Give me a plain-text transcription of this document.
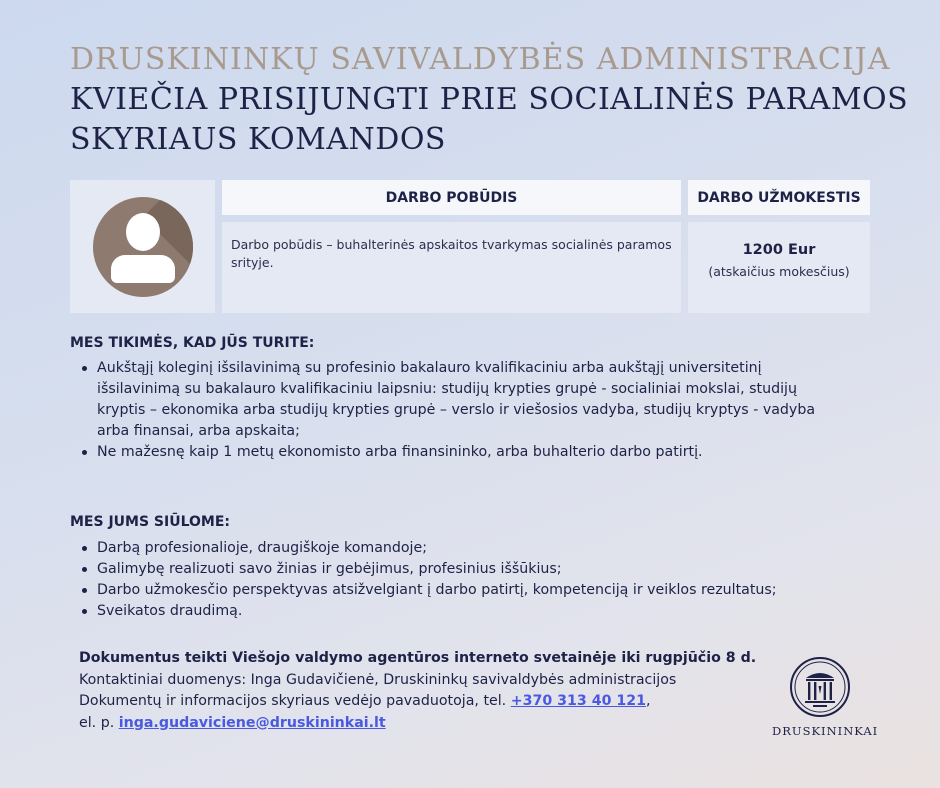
DRUSKININKŲ SAVIVALDYBĖS ADMINISTRACIJA
KVIEČIA PRISIJUNGTI PRIE SOCIALINĖS PARAMOS
SKYRIAUS KOMANDOS
DARBO POBŪDIS	DARBO UŽMOKESTIS
Darbo pobūdis – buhalterinės apskaitos tvarkymas socialinės paramos srityje.
1200 Eur
(atskaičius mokesčius)
MES TIKIMĖS, KAD JŪS TURITE:
Aukštąjį koleginį išsilavinimą su profesinio bakalauro kvalifikaciniu arba aukštąjį universitetinį išsilavinimą su bakalauro kvalifikaciniu laipsniu: studijų krypties grupė - socialiniai mokslai, studijų kryptis – ekonomika arba studijų krypties grupė – verslo ir viešosios vadyba, studijų kryptys - vadyba arba finansai, arba apskaita;
Ne mažesnę kaip 1 metų ekonomisto arba finansininko, arba buhalterio darbo patirtį.
MES JUMS SIŪLOME:
Darbą profesionalioje, draugiškoje komandoje;
Galimybę realizuoti savo žinias ir gebėjimus, profesinius iššūkius;
Darbo užmokesčio perspektyvas atsižvelgiant į darbo patirtį, kompetenciją ir veiklos rezultatus;
Sveikatos draudimą.
Dokumentus teikti Viešojo valdymo agentūros interneto svetainėje iki rugpjūčio 8 d.
Kontaktiniai duomenys: Inga Gudavičienė, Druskininkų savivaldybės administracijos
Dokumentų ir informacijos skyriaus vedėjo pavaduotoja, tel. +370 313 40 121,
el. p. inga.gudaviciene@druskininkai.lt
DRUSKININKAI
